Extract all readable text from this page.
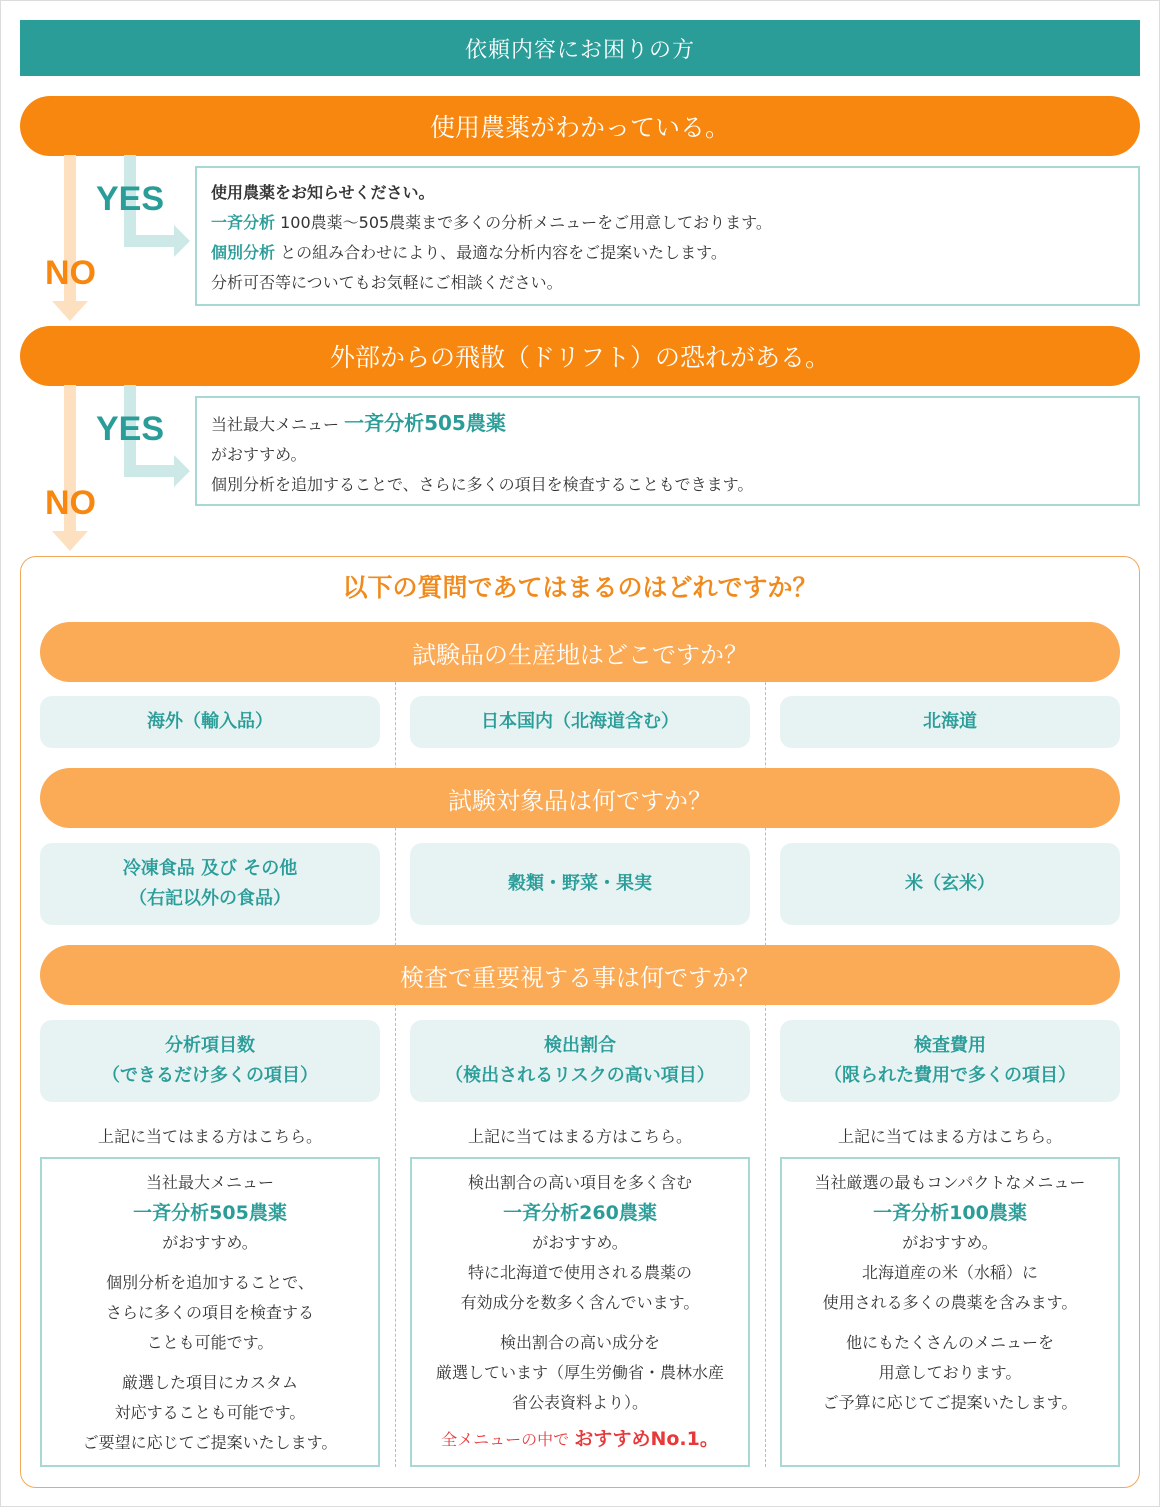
依頼内容にお困りの方
使用農薬がわかっている。
YES
NO
使用農薬をお知らせください。
一斉分析 100農薬～505農薬まで多くの分析メニューをご用意しております。
個別分析 との組み合わせにより、最適な分析内容をご提案いたします。
分析可否等についてもお気軽にご相談ください。
外部からの飛散（ドリフト）の恐れがある。
YES
NO
当社最大メニュー 一斉分析505農薬
がおすすめ。
個別分析を追加することで、さらに多くの項目を検査することもできます。
以下の質問であてはまるのはどれですか？
試験品の生産地はどこですか？
海外（輸入品）	日本国内（北海道含む）	北海道
試験対象品は何ですか？
冷凍食品 及び その他
（右記以外の食品）
穀類・野菜・果実	米（玄米）
検査で重要視する事は何ですか？
分析項目数
（できるだけ多くの項目）
検出割合
（検出されるリスクの高い項目）
検査費用
（限られた費用で多くの項目）
上記に当てはまる方はこちら。	上記に当てはまる方はこちら。	上記に当てはまる方はこちら。
当社最大メニュー
一斉分析505農薬
がおすすめ。
個別分析を追加することで、
さらに多くの項目を検査する
ことも可能です。
厳選した項目にカスタム
対応することも可能です。
ご要望に応じてご提案いたします。
検出割合の高い項目を多く含む
一斉分析260農薬
がおすすめ。
特に北海道で使用される農薬の
有効成分を数多く含んでいます。
検出割合の高い成分を
厳選しています（厚生労働省・農林水産
省公表資料より）。
全メニューの中で おすすめNo.1。
当社厳選の最もコンパクトなメニュー
一斉分析100農薬
がおすすめ。
北海道産の米（水稲）に
使用される多くの農薬を含みます。
他にもたくさんのメニューを
用意しております。
ご予算に応じてご提案いたします。
